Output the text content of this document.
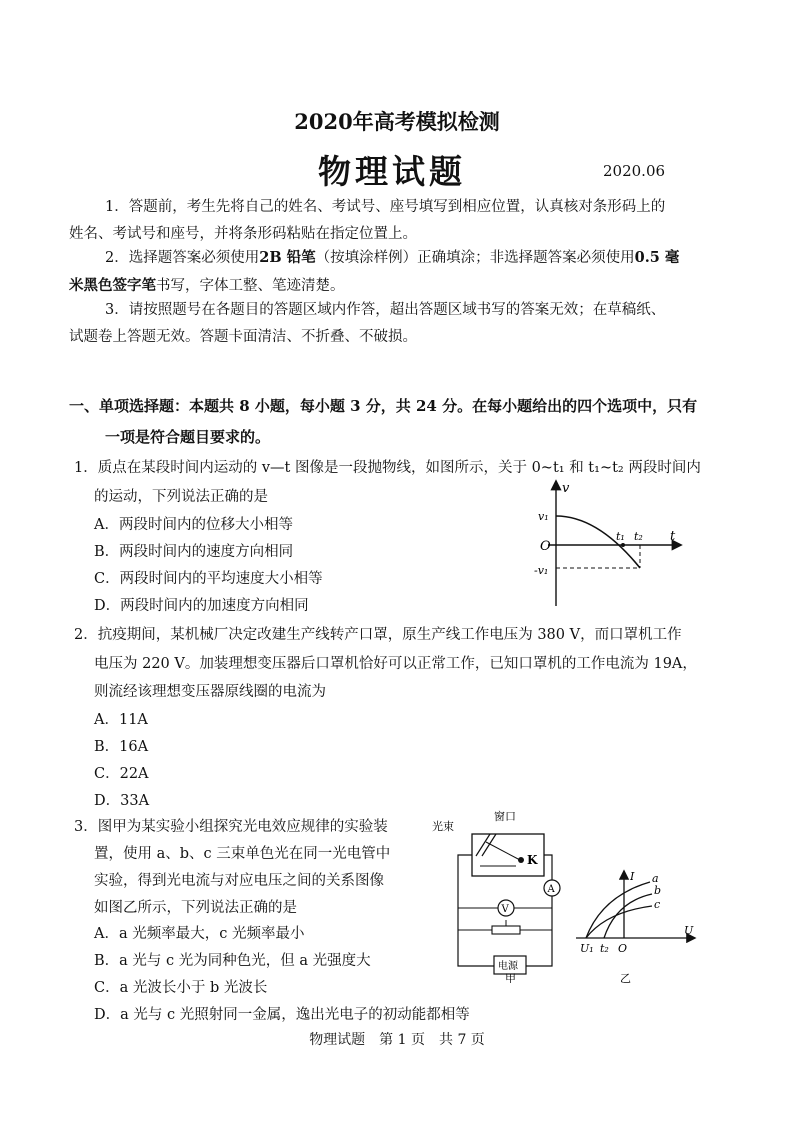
2020年高考模拟检测
物理试题	2020.06
1．答题前，考生先将自己的姓名、考试号、座号填写到相应位置，认真核对条形码上的
姓名、考试号和座号，并将条形码粘贴在指定位置上。
2．选择题答案必须使用2B 铅笔（按填涂样例）正确填涂；非选择题答案必须使用0.5 毫
米黑色签字笔书写，字体工整、笔迹清楚。
3．请按照题号在各题目的答题区域内作答，超出答题区域书写的答案无效；在草稿纸、
试题卷上答题无效。答题卡面清洁、不折叠、不破损。
一、单项选择题：本题共 8 小题，每小题 3 分，共 24 分。在每小题给出的四个选项中，只有
一项是符合题目要求的。
1．质点在某段时间内运动的 v—t 图像是一段抛物线，如图所示，关于 0~t₁ 和 t₁~t₂ 两段时间内
的运动，下列说法正确的是
A．两段时间内的位移大小相等
B．两段时间内的速度方向相同
C．两段时间内的平均速度大小相等
D．两段时间内的加速度方向相同
v
t
O
v₁
-v₁
t₁ t₂
2．抗疫期间，某机械厂决定改建生产线转产口罩，原生产线工作电压为 380 V，而口罩机工作
电压为 220 V。加装理想变压器后口罩机恰好可以正常工作，已知口罩机的工作电流为 19A，
则流经该理想变压器原线圈的电流为
A．11A
B．16A
C．22A
D．33A
3．图甲为某实验小组探究光电效应规律的实验装
置，使用 a、b、c 三束单色光在同一光电管中
实验，得到光电流与对应电压之间的关系图像
如图乙所示，下列说法正确的是
A．a 光频率最大，c 光频率最小
B．a 光与 c 光为同种色光，但 a 光强度大
C．a 光波长小于 b 光波长
D．a 光与 c 光照射同一金属，逸出光电子的初动能都相等
光束
窗口
K
A
V
电源
甲
I
U
a
b
c
U₁ t₂ O
乙
物理试题　第 1 页　共 7 页
